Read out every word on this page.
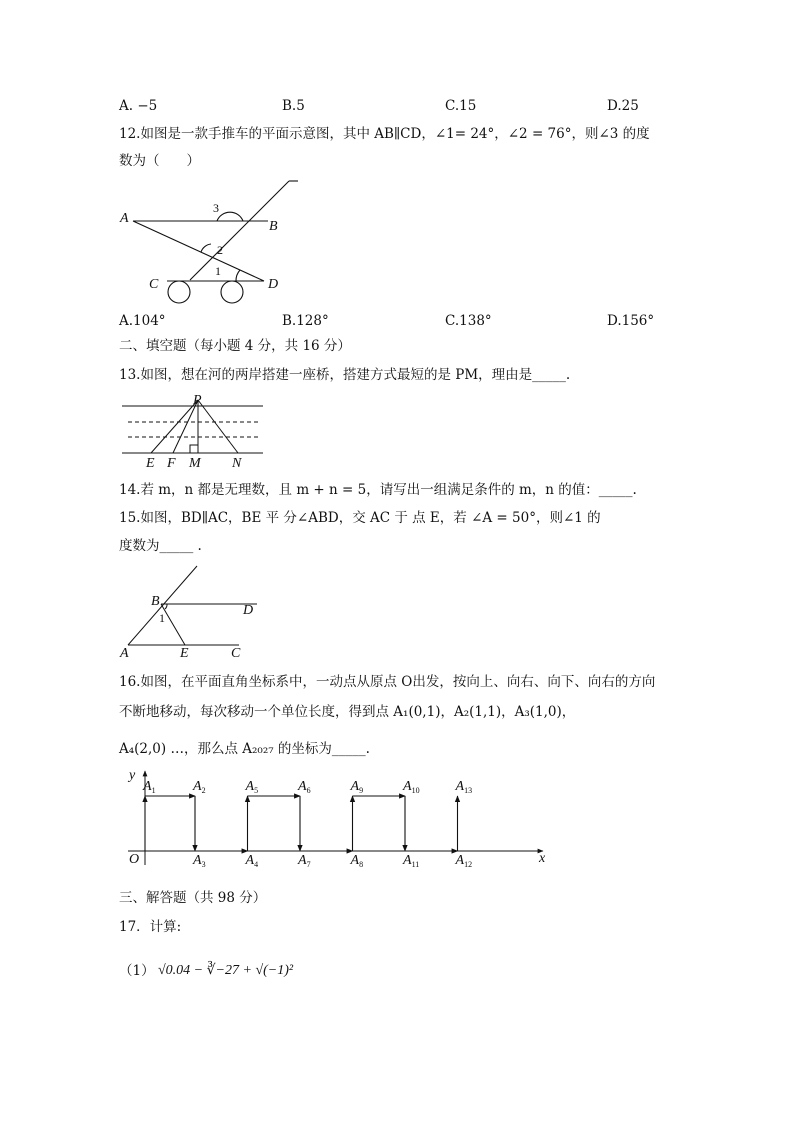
A. −5	B.5	C.15	D.25
12.如图是一款手推车的平面示意图，其中 AB∥CD，∠1= 24°，∠2 = 76°，则∠3 的度
数为（　　）
A
B
C	D
3
2
1
A.104°	B.128°	C.138°	D.156°
二、填空题（每小题 4 分，共 16 分）
13.如图，想在河的两岸搭建一座桥，搭建方式最短的是 PM，理由是_____.
P
E F M N
14.若 m，n 都是无理数，且 m + n = 5，请写出一组满足条件的 m，n 的值：_____.
15.如图，BD∥AC，BE 平 分∠ABD，交 AC 于 点 E，若 ∠A = 50°，则∠1 的
度数为_____ .
B
D
1
A	E	C
16.如图，在平面直角坐标系中，一动点从原点 O出发，按向上、向右、向下、向右的方向
不断地移动，每次移动一个单位长度，得到点 A₁(0,1)，A₂(1,1)，A₃(1,0)，
A₄(2,0) …，那么点 A₂₀₂₇ 的坐标为_____.
y
x
O
$A_1$	$A_2$
$A_3$	$A_4$
$A_5$	$A_6$
$A_7$	$A_8$
$A_9$	$A_{10}$
$A_{11}$	$A_{12}$
$A_{13}$
三、解答题（共 98 分）
17．计算:
（1） √0.04 − ∛−27 + √(−1)²
